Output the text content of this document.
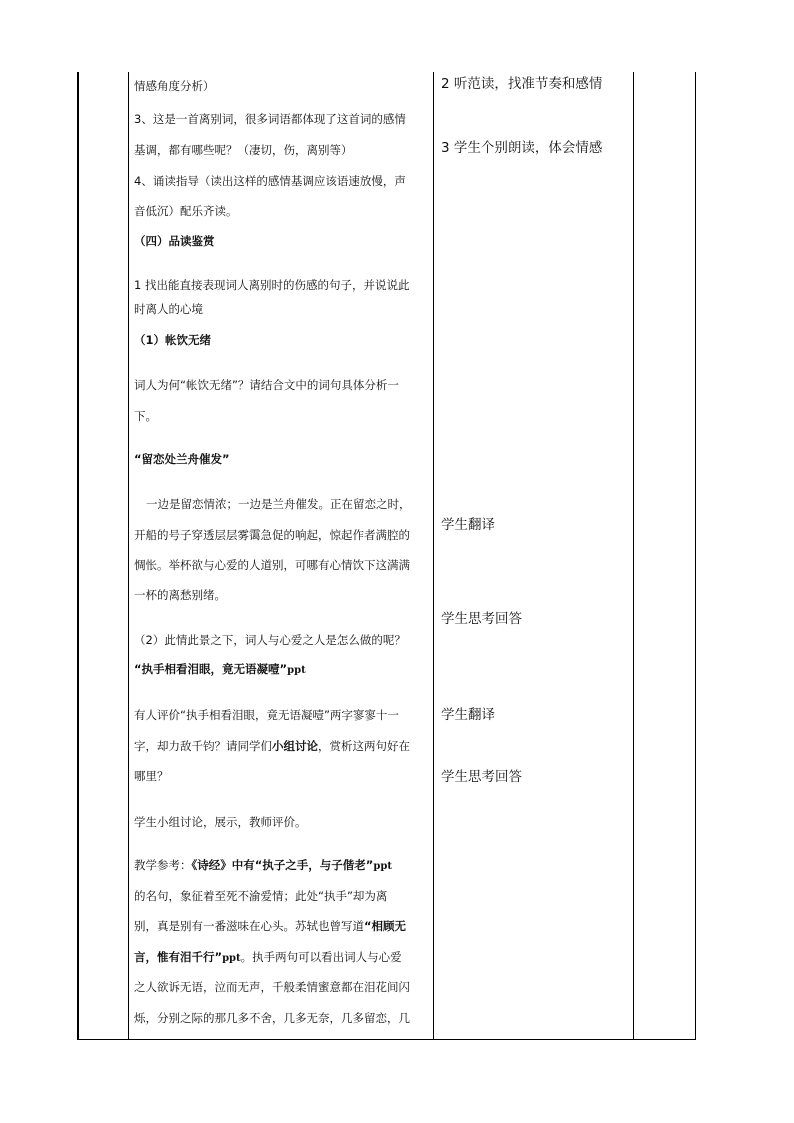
情感角度分析）
3、这是一首离别词，很多词语都体现了这首词的感情
基调，都有哪些呢？（凄切，伤，离别等）
4、诵读指导（读出这样的感情基调应该语速放慢，声
音低沉）配乐齐读。
（四）品读鉴赏
1 找出能直接表现词人离别时的伤感的句子，并说说此
时离人的心境
（1）帐饮无绪
词人为何“帐饮无绪”？请结合文中的词句具体分析一
下。
“留恋处兰舟催发”
一边是留恋情浓；一边是兰舟催发。正在留恋之时，
开船的号子穿透层层雾霭急促的响起，惊起作者满腔的
惆怅。举杯欲与心爱的人道别，可哪有心情饮下这满满
一杯的离愁别绪。
（2）此情此景之下，词人与心爱之人是怎么做的呢？
“执手相看泪眼，竟无语凝噎”ppt
有人评价“执手相看泪眼，竟无语凝噎”两字寥寥十一
字，却力敌千钧？请同学们小组讨论，赏析这两句好在
哪里？
学生小组讨论，展示，教师评价。
教学参考：《诗经》中有“执子之手，与子偕老”ppt
的名句，象征着至死不渝爱情；此处“执手”却为离
别，真是别有一番滋味在心头。苏轼也曾写道“相顾无
言，惟有泪千行”ppt。执手两句可以看出词人与心爱
之人欲诉无语，泣而无声，千般柔情蜜意都在泪花间闪
烁，分别之际的那几多不舍，几多无奈，几多留恋，几
2 听范读，找准节奏和感情
3 学生个别朗读，体会情感
学生翻译
学生思考回答
学生翻译
学生思考回答
